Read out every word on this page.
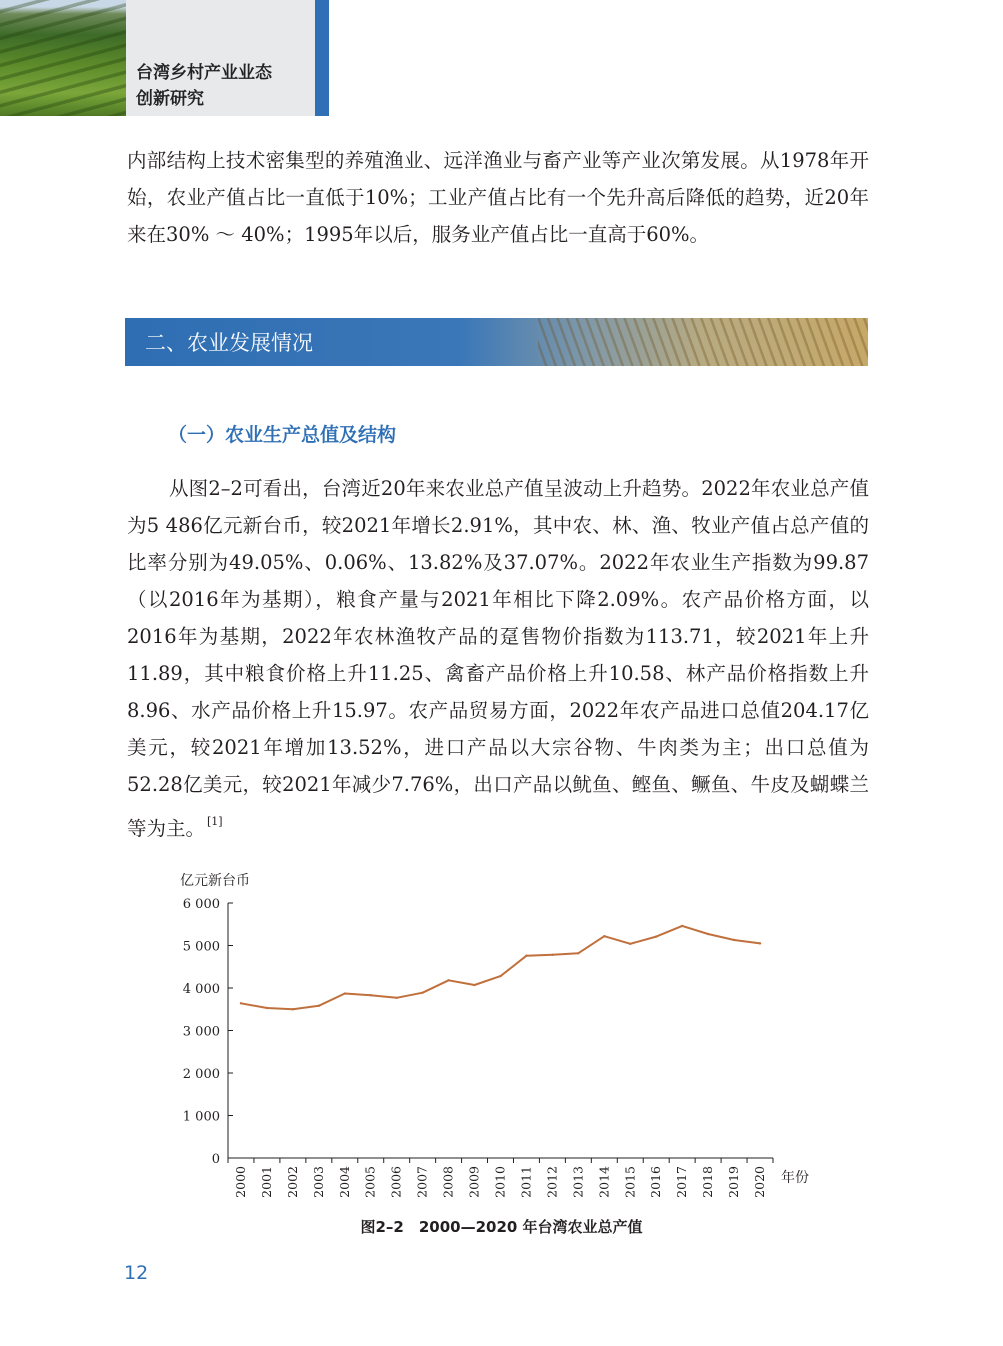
台湾乡村产业业态
创新研究

内部结构上技术密集型的养殖渔业、远洋渔业与畜产业等产业次第发展。从1978年开始，农业产值占比一直低于10%；工业产值占比有一个先升高后降低的趋势，近20年来在30% ～ 40%；1995年以后，服务业产值占比一直高于60%。

二、农业发展情况
（一）农业生产总值及结构

从图2–2可看出，台湾近20年来农业总产值呈波动上升趋势。2022年农业总产值为5 486亿元新台币，较2021年增长2.91%，其中农、林、渔、牧业产值占总产值的比率分别为49.05%、0.06%、13.82%及37.07%。2022年农业生产指数为99.87（以2016年为基期），粮食产量与2021年相比下降2.09%。农产品价格方面，以2016年为基期，2022年农林渔牧产品的趸售物价指数为113.71，较2021年上升11.89，其中粮食价格上升11.25、禽畜产品价格上升10.58、林产品价格指数上升8.96、水产品价格上升15.97。农产品贸易方面，2022年农产品进口总值204.17亿美元，较2021年增加13.52%，进口产品以大宗谷物、牛肉类为主；出口总值为52.28亿美元，较2021年减少7.76%，出口产品以鱿鱼、鲣鱼、鳜鱼、牛皮及蝴蝶兰等为主。 [1]

亿元新台币
0
1 000
2 000
3 000
4 000
5 000
6 000
2000 2001 2002 2003 2004 2005 2006 2007 2008 2009 2010 2011 2012 2013 2014 2015 2016 2017 2018 2019 2020 年份
图2–2　2000—2020 年台湾农业总产值
12
